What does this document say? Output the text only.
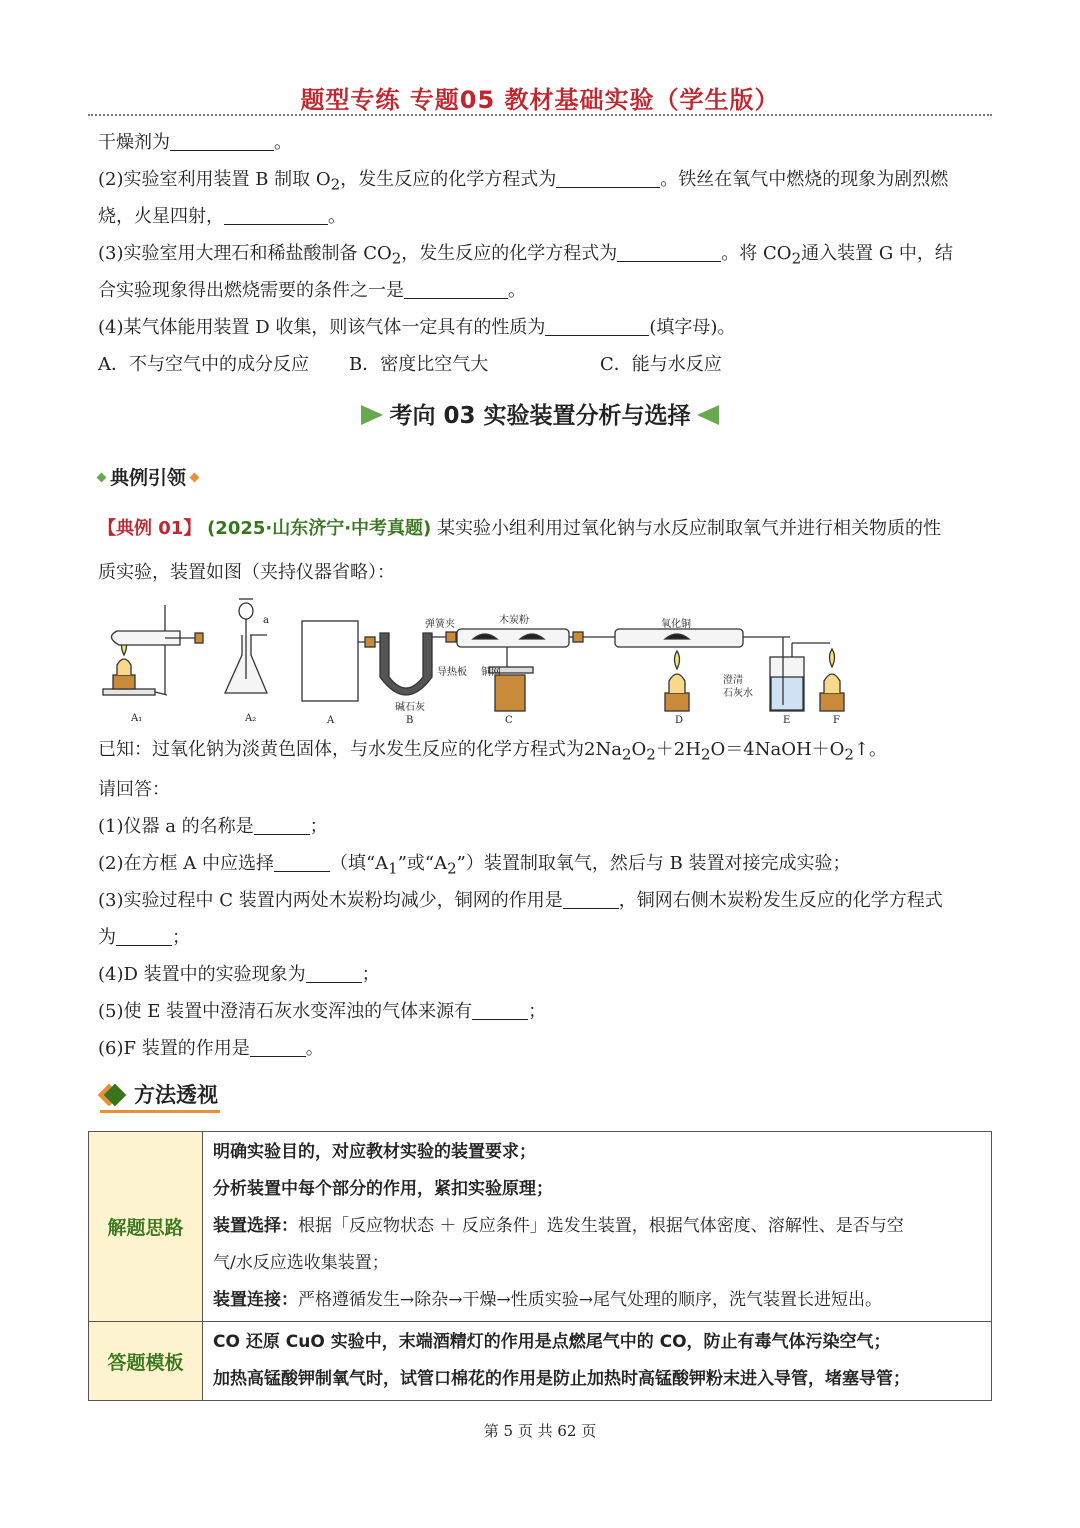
题型专练 专题05 教材基础实验（学生版）
干燥剂为	。
(2)实验室利用装置 B 制取 $O_2$，发生反应的化学方程式为	。铁丝在氧气中燃烧的现象为剧烈燃
烧，火星四射，	。
(3)实验室用大理石和稀盐酸制备 $CO_2$，发生反应的化学方程式为	。将 $CO_2$通入装置 G 中，结
合实验现象得出燃烧需要的条件之一是	。
(4)某气体能用装置 D 收集，则该气体一定具有的性质为	(填字母)。
A．不与空气中的成分反应 B．密度比空气大	C．能与水反应
考向 03 实验装置分析与选择
典例引领
【典例 01】 (2025·山东济宁·中考真题) 某实验小组利用过氧化钠与水反应制取氧气并进行相关物质的性
质实验，装置如图（夹持仪器省略）：
A₁	A₂	A	B	C	D	E	F
a	弹簧夹	木炭粉	氧化铜
导热板 铜网
碱石灰
澄清
石灰水
已知：过氧化钠为淡黄色固体，与水发生反应的化学方程式为$2Na_2O_2+2H_2O=4NaOH+O_2↑$。
请回答：
(1)仪器 a 的名称是	；
(2)在方框 A 中应选择	（填“$A_1$”或“$A_2$”）装置制取氧气，然后与 B 装置对接完成实验；
(3)实验过程中 C 装置内两处木炭粉均减少，铜网的作用是	，铜网右侧木炭粉发生反应的化学方程式
为	；
(4)D 装置中的实验现象为	；
(5)使 E 装置中澄清石灰水变浑浊的气体来源有	；
(6)F 装置的作用是	。
方法透视
解题思路	明确实验目的，对应教材实验的装置要求；
分析装置中每个部分的作用，紧扣实验原理；
装置选择：根据「反应物状态 ＋ 反应条件」选发生装置，根据气体密度、溶解性、是否与空
气/水反应选收集装置；
装置连接：严格遵循发生→除杂→干燥→性质实验→尾气处理的顺序，洗气装置长进短出。

答题模板	CO 还原 CuO 实验中，末端酒精灯的作用是点燃尾气中的 CO，防止有毒气体污染空气；
加热高锰酸钾制氧气时，试管口棉花的作用是防止加热时高锰酸钾粉末进入导管，堵塞导管；
第 5 页 共 62 页
